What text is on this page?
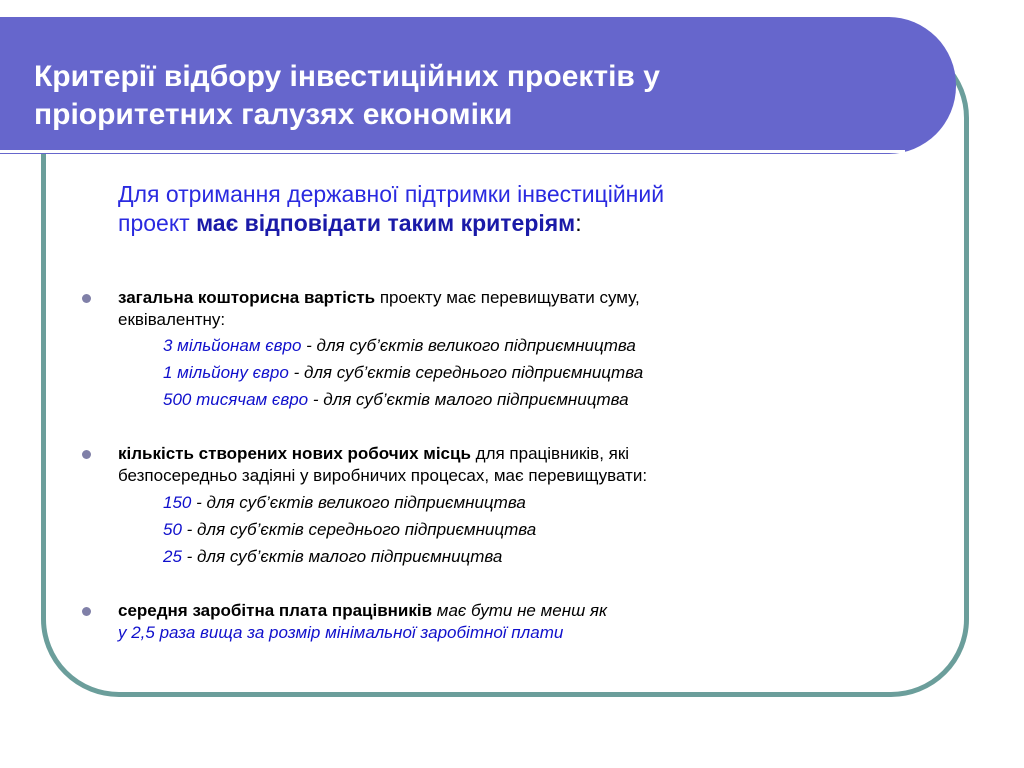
Критерії відбору інвестиційних проектів у
пріоритетних галузях економіки
Для отримання державної підтримки інвестиційний
проект має відповідати таким критеріям:
загальна кошторисна вартість проекту має перевищувати суму,
еквівалентну:
3 мільйонам євро - для суб’єктів великого підприємництва
1 мільйону євро - для суб’єктів середнього підприємництва
500 тисячам євро - для суб’єктів малого підприємництва
кількість створених нових робочих місць для працівників, які
безпосередньо задіяні у виробничих процесах, має перевищувати:
150 - для суб’єктів великого підприємництва
50 - для суб’єктів середнього підприємництва
25 - для суб’єктів малого підприємництва
середня заробітна плата працівників має бути не менш як
у 2,5 раза вища за розмір мінімальної заробітної плати
